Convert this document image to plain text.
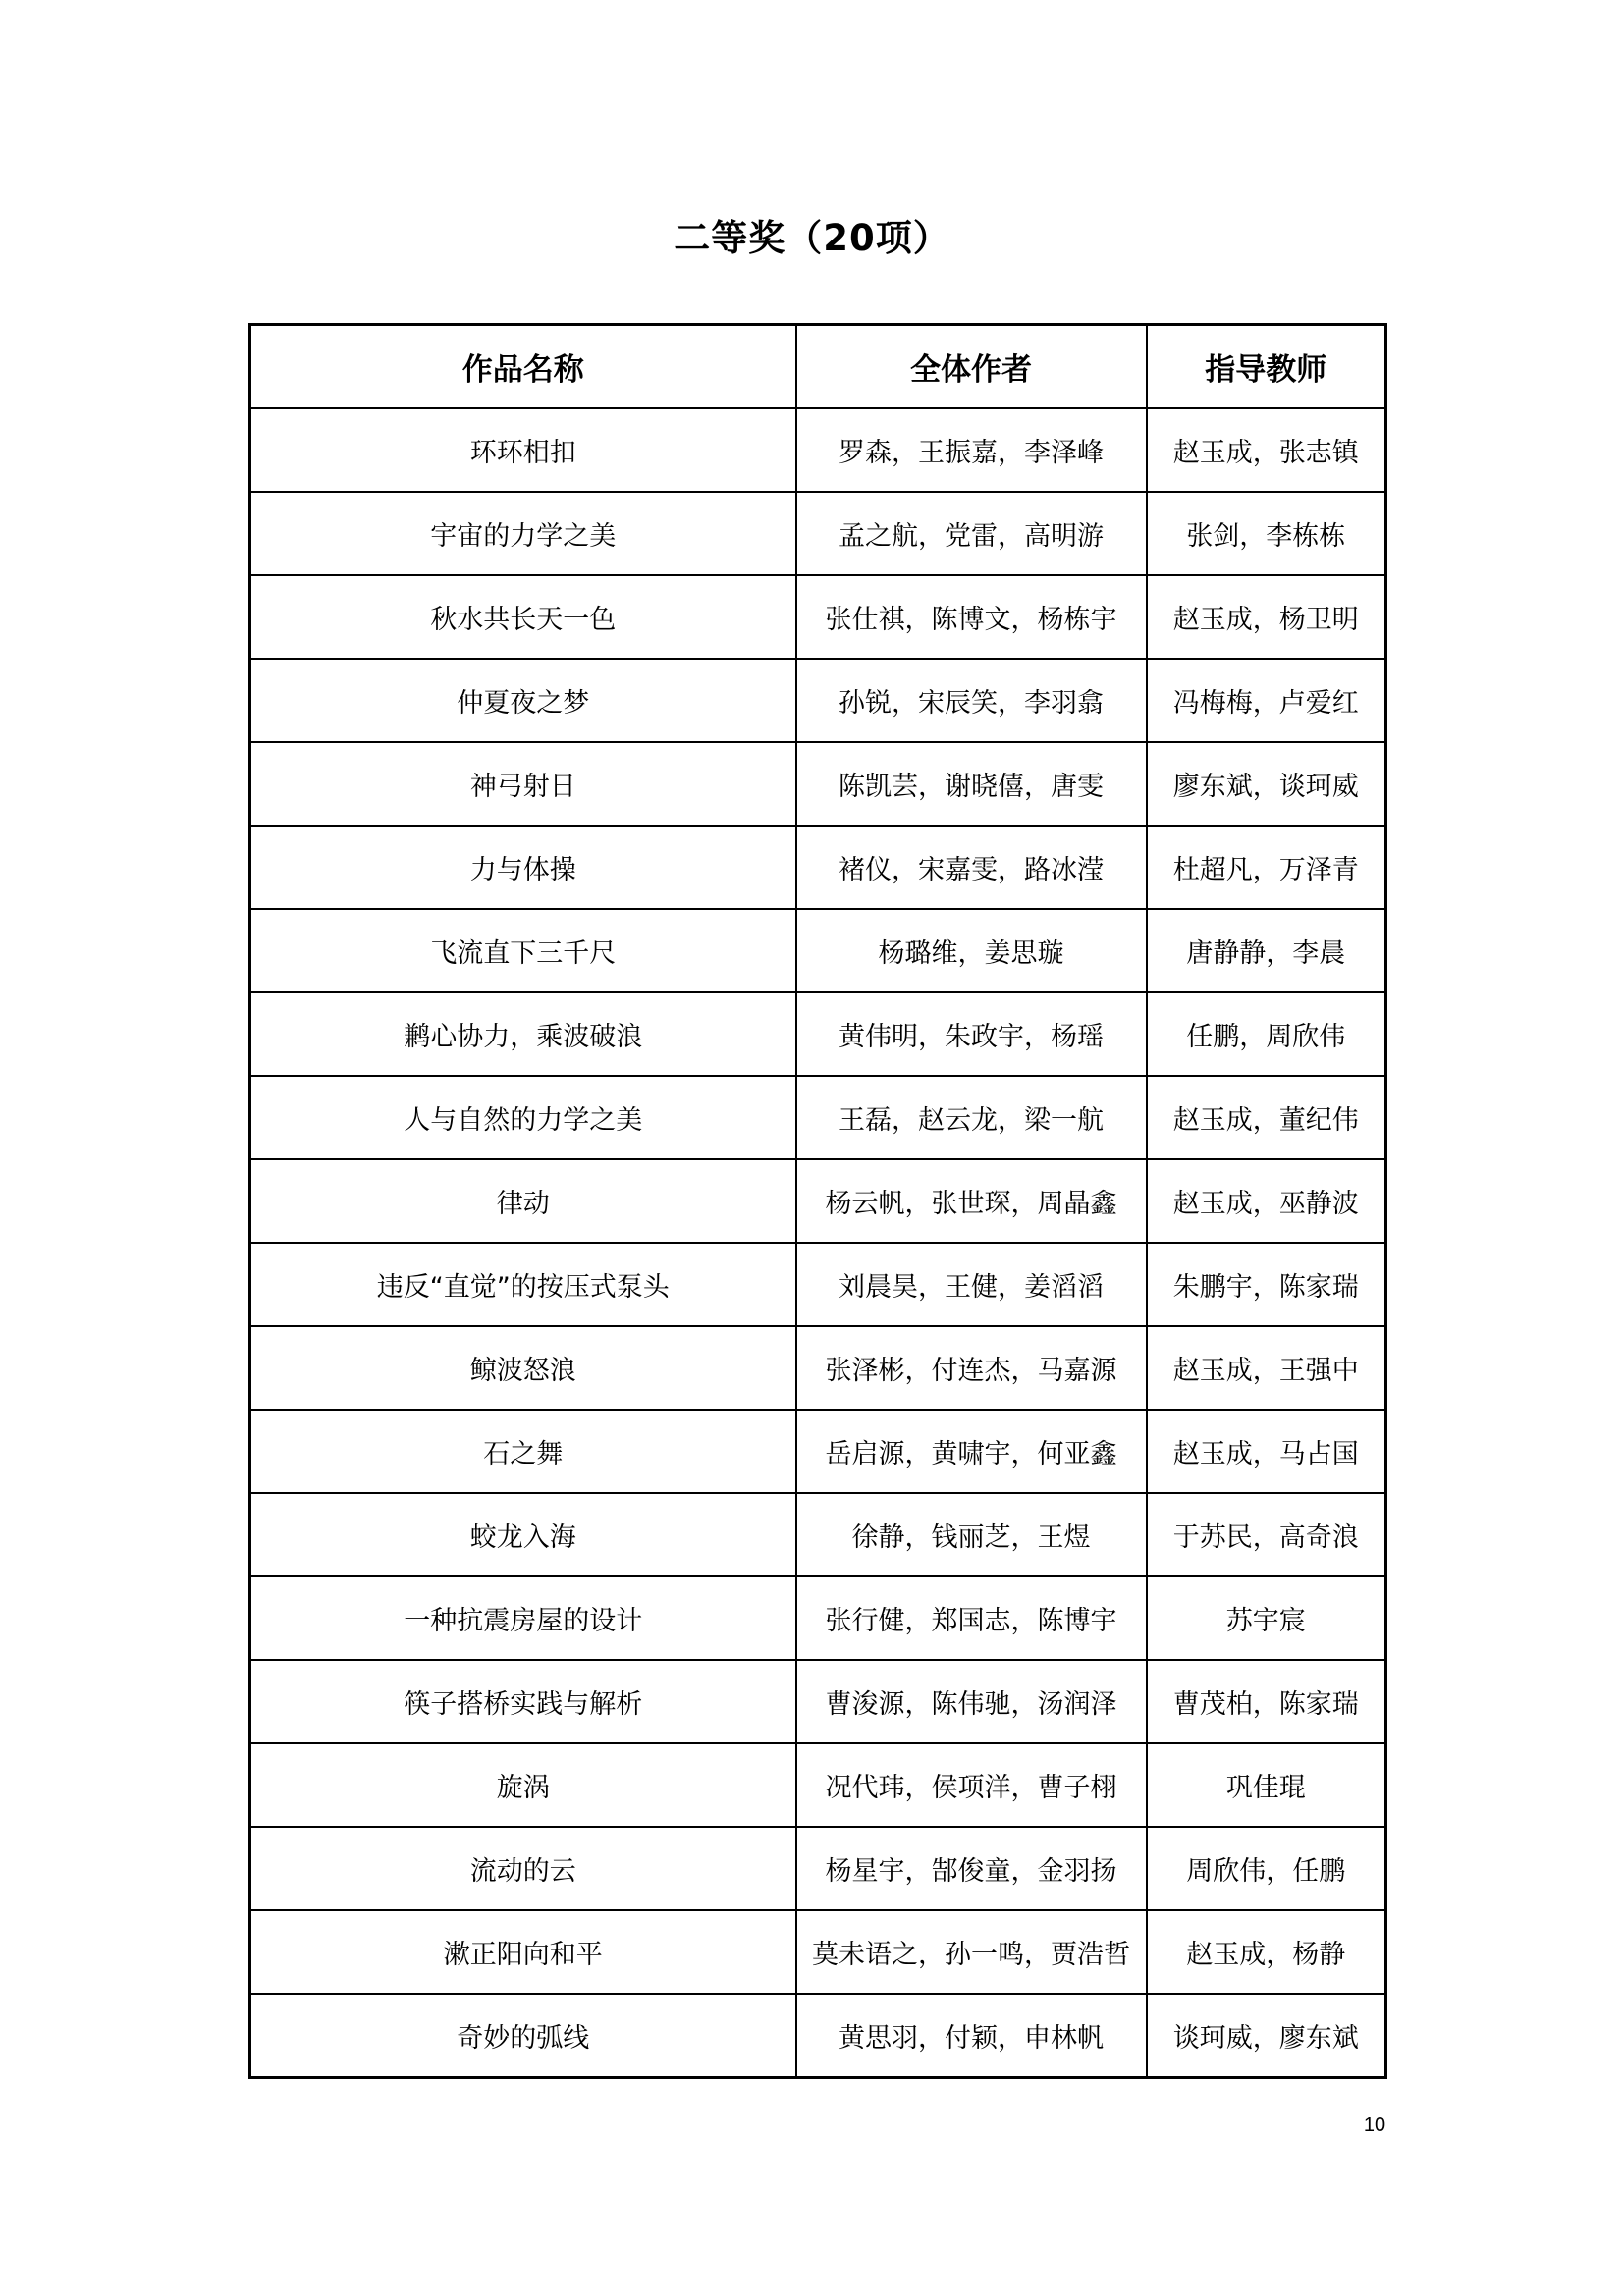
二等奖（20项）
作品名称	全体作者	指导教师
环环相扣	罗森，王振嘉，李泽峰	赵玉成，张志镇
宇宙的力学之美	孟之航，党雷，高明游	张剑，李栋栋
秋水共长天一色	张仕祺，陈博文，杨栋宇	赵玉成，杨卫明
仲夏夜之梦	孙锐，宋辰笑，李羽翕	冯梅梅，卢爱红
神弓射日	陈凯芸，谢晓僖，唐雯	廖东斌，谈珂威
力与体操	褚仪，宋嘉雯，路冰滢	杜超凡，万泽青
飞流直下三千尺	杨璐维，姜思璇	唐静静，李晨
鹣心协力，乘波破浪	黄伟明，朱政宇，杨瑶	任鹏，周欣伟
人与自然的力学之美	王磊，赵云龙，梁一航	赵玉成，董纪伟
律动	杨云帆，张世琛，周晶鑫	赵玉成，巫静波
违反“直觉”的按压式泵头	刘晨昊，王健，姜滔滔	朱鹏宇，陈家瑞
鲸波怒浪	张泽彬，付连杰，马嘉源	赵玉成，王强中
石之舞	岳启源，黄啸宇，何亚鑫	赵玉成，马占国
蛟龙入海	徐静，钱丽芝，王煜	于苏民，高奇浪
一种抗震房屋的设计	张行健，郑国志，陈博宇	苏宇宸
筷子搭桥实践与解析	曹浚源，陈伟驰，汤润泽	曹茂柏，陈家瑞
旋涡	况代玮，侯项洋，曹子栩	巩佳琨
流动的云	杨星宇，郜俊童，金羽扬	周欣伟，任鹏
漱正阳向和平	莫未语之，孙一鸣，贾浩哲	赵玉成，杨静
奇妙的弧线	黄思羽，付颖，申林帆	谈珂威，廖东斌
10
